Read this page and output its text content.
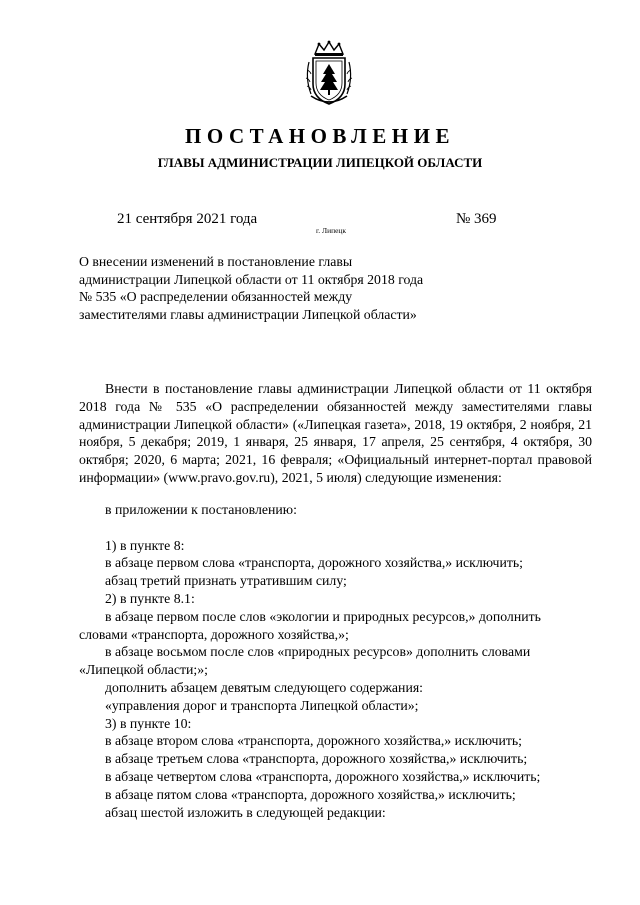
ПОСТАНОВЛЕНИЕ
ГЛАВЫ АДМИНИСТРАЦИИ ЛИПЕЦКОЙ ОБЛАСТИ
21 сентября 2021 года
г. Липецк
№ 369
О внесении изменений в постановление главы администрации Липецкой области от 11 октября 2018 года № 535 «О распределении обязанностей между заместителями главы администрации Липецкой области»

Внести в постановление главы администрации Липецкой области от 11 октября 2018 года № 535 «О распределении обязанностей между заместителями главы администрации Липецкой области» («Липецкая газета», 2018, 19 октября, 2 ноября, 21 ноября, 5 декабря; 2019, 1 января, 25 января, 17 апреля, 25 сентября, 4 октября, 30 октября; 2020, 6 марта; 2021, 16 февраля; «Официальный интернет-портал правовой информации» (www.pravo.gov.ru), 2021, 5 июля) следующие изменения:

в приложении к постановлению:

1) в пункте 8:

в абзаце первом слова «транспорта, дорожного хозяйства,» исключить;

абзац третий признать утратившим силу;

2) в пункте 8.1:

в абзаце первом после слов «экологии и природных ресурсов,» дополнить

словами «транспорта, дорожного хозяйства,»;

в абзаце восьмом после слов «природных ресурсов» дополнить словами

«Липецкой области;»;

дополнить абзацем девятым следующего содержания:

«управления дорог и транспорта Липецкой области»;

3) в пункте 10:

в абзаце втором слова «транспорта, дорожного хозяйства,» исключить;

в абзаце третьем слова «транспорта, дорожного хозяйства,» исключить;

в абзаце четвертом слова «транспорта, дорожного хозяйства,» исключить;

в абзаце пятом слова «транспорта, дорожного хозяйства,» исключить;

абзац шестой изложить в следующей редакции:
